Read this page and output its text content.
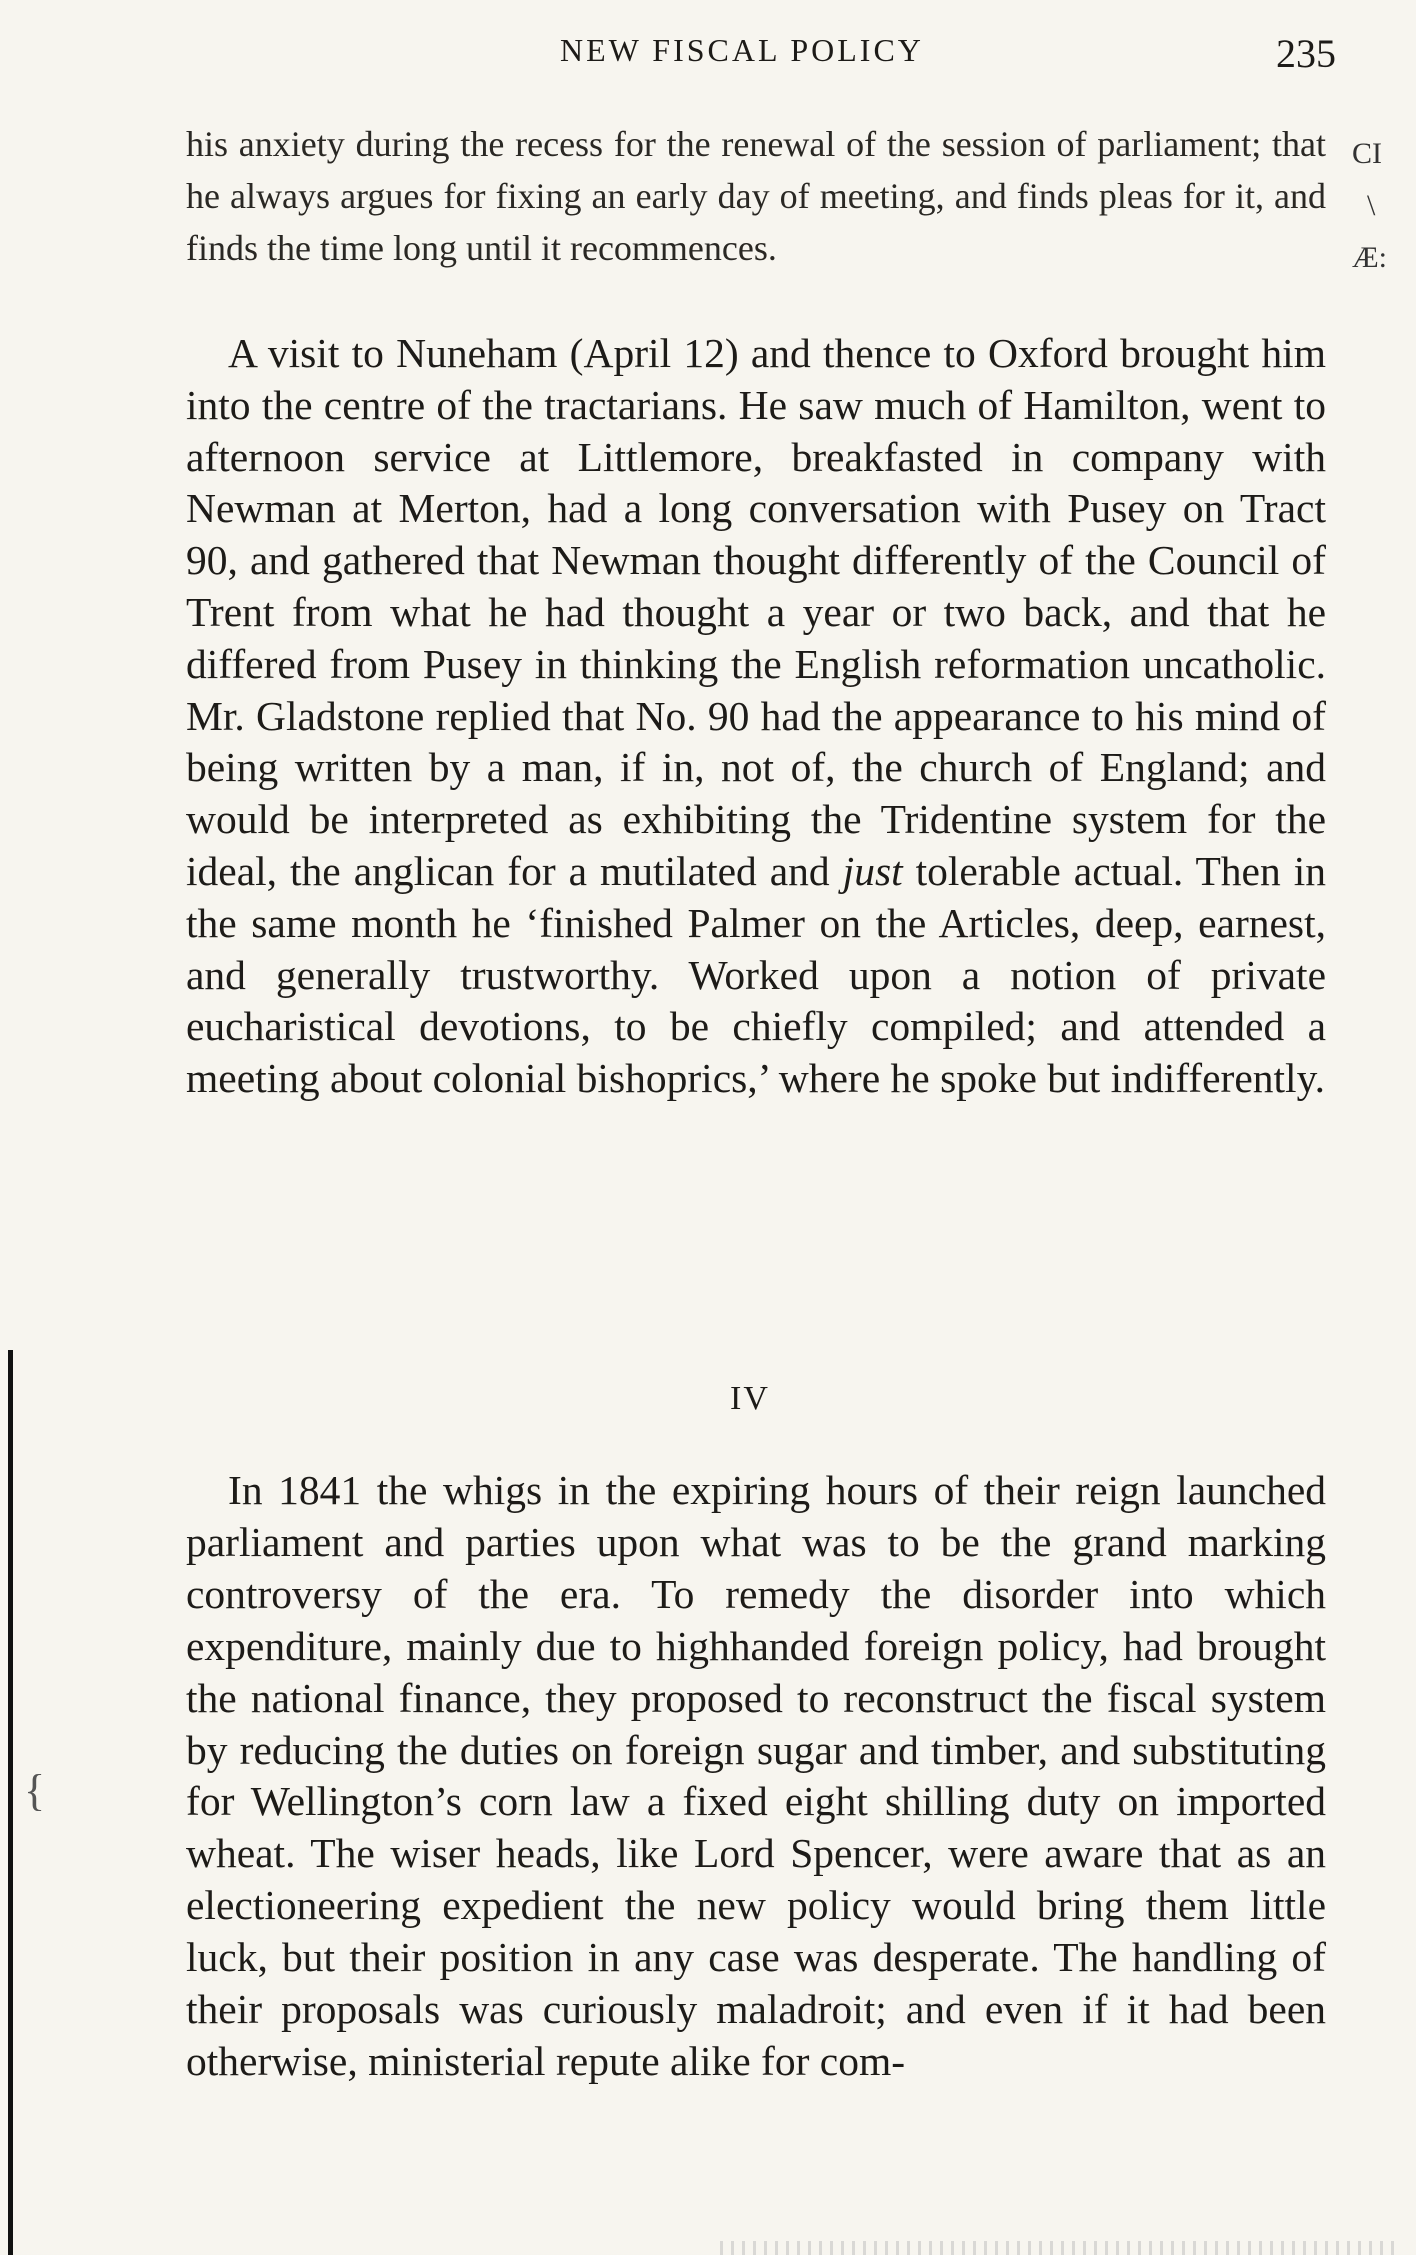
NEW FISCAL POLICY	235

his anxiety during the recess for the renewal of the session of parliament; that he always argues for fixing an early day of meeting, and finds pleas for it, and finds the time long until it recommences.

A visit to Nuneham (April 12) and thence to Oxford brought him into the centre of the tractarians. He saw much of Hamilton, went to afternoon service at Littlemore, breakfasted in company with Newman at Merton, had a long conversation with Pusey on Tract 90, and gathered that Newman thought differently of the Council of Trent from what he had thought a year or two back, and that he differed from Pusey in thinking the English reformation uncatholic. Mr. Gladstone replied that No. 90 had the appearance to his mind of being written by a man, if in, not of, the church of England; and would be interpreted as exhibiting the Tridentine system for the ideal, the anglican for a mutilated and just tolerable actual. Then in the same month he ‘finished Palmer on the Articles, deep, earnest, and generally trustworthy. Worked upon a notion of private eucharistical devotions, to be chiefly compiled; and attended a meeting about colonial bishoprics,’ where he spoke but indifferently.

IV

In 1841 the whigs in the expiring hours of their reign launched parliament and parties upon what was to be the grand marking controversy of the era. To remedy the disorder into which expenditure, mainly due to highhanded foreign policy, had brought the national finance, they proposed to reconstruct the fiscal system by reducing the duties on foreign sugar and timber, and substituting for Wellington’s corn law a fixed eight shilling duty on imported wheat. The wiser heads, like Lord Spencer, were aware that as an electioneering expedient the new policy would bring them little luck, but their position in any case was desperate. The handling of their proposals was curiously maladroit; and even if it had been otherwise, ministerial repute alike for com-

CI
\
Æ:
{
